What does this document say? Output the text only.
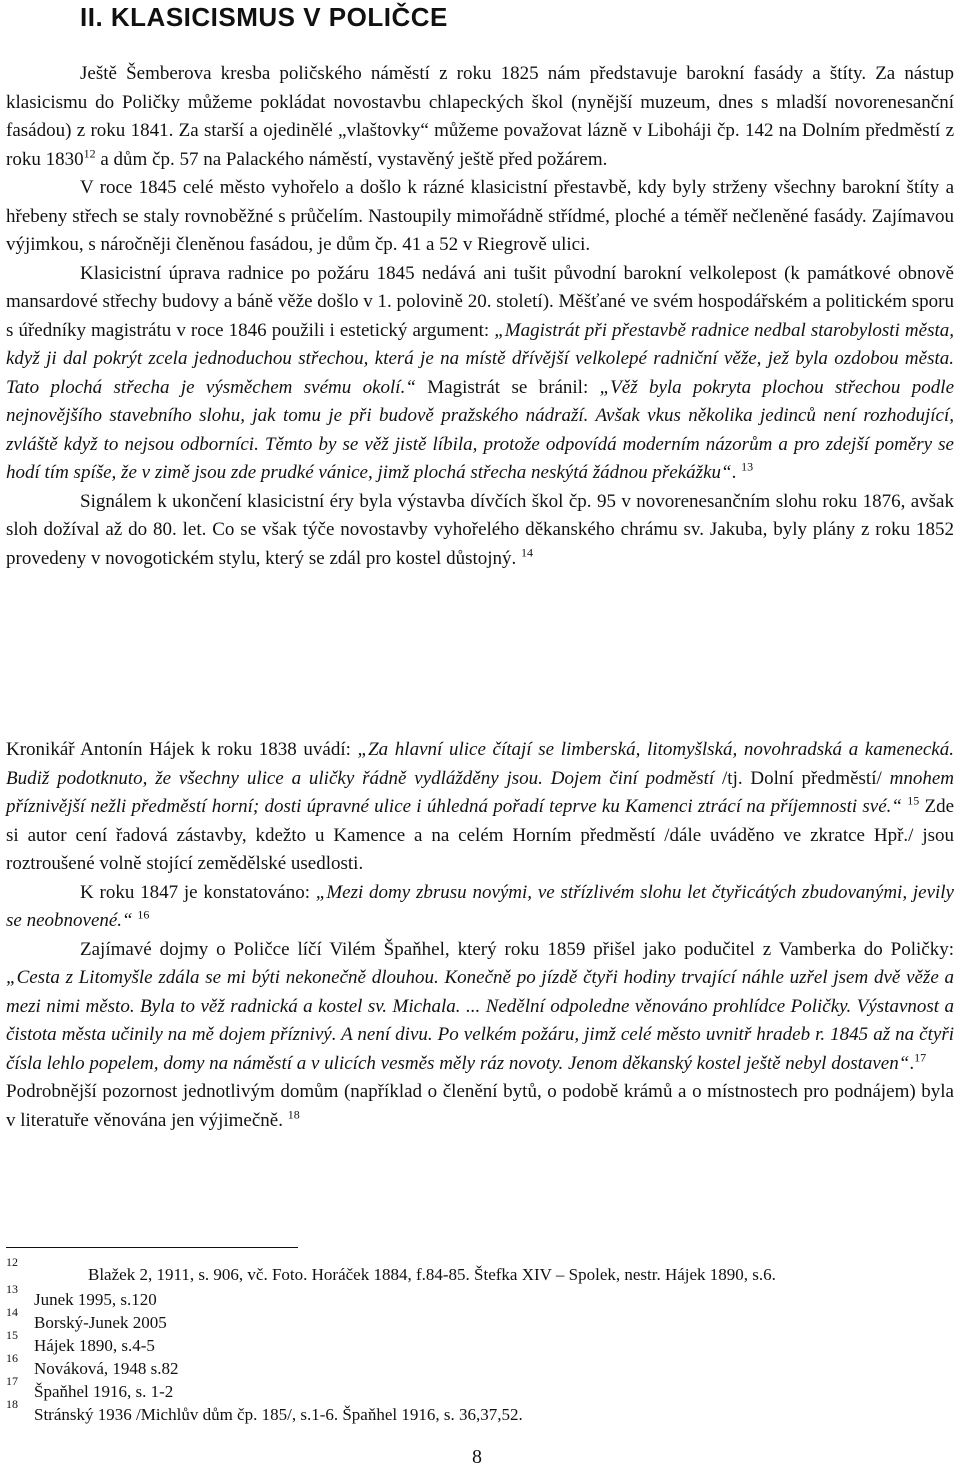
II. KLASICISMUS V POLIČCE

Ještě Šemberova kresba poličského náměstí z roku 1825 nám představuje barokní fasády a štíty. Za nástup klasicismu do Poličky můžeme pokládat novostavbu chlapeckých škol (nynější muzeum, dnes s mladší novorenesanční fasádou) z roku 1841. Za starší a ojedinělé „vlaštovky“ můžeme považovat lázně v Liboháji čp. 142 na Dolním předměstí z roku 1830$^{12}$ a dům čp. 57 na Palackého náměstí, vystavěný ještě před požárem.

V roce 1845 celé město vyhořelo a došlo k rázné klasicistní přestavbě, kdy byly strženy všechny barokní štíty a hřebeny střech se staly rovnoběžné s průčelím. Nastoupily mimořádně střídmé, ploché a téměř nečleněné fasády. Zajímavou výjimkou, s náročněji členěnou fasádou, je dům čp. 41 a 52 v Riegrově ulici.

Klasicistní úprava radnice po požáru 1845 nedává ani tušit původní barokní velkolepost (k památkové obnově mansardové střechy budovy a báně věže došlo v 1. polovině 20. století). Měšťané ve svém hospodářském a politickém sporu s úředníky magistrátu v roce 1846 použili i estetický argument: „Magistrát při přestavbě radnice nedbal starobylosti města, když ji dal pokrýt zcela jednoduchou střechou, která je na místě dřívější velkolepé radniční věže, jež byla ozdobou města. Tato plochá střecha je výsměchem svému okolí.“ Magistrát se bránil: „Věž byla pokryta plochou střechou podle nejnovějšího stavebního slohu, jak tomu je při budově pražského nádraží. Avšak vkus několika jedinců není rozhodující, zvláště když to nejsou odborníci. Těmto by se věž jistě líbila, protože odpovídá moderním názorům a pro zdejší poměry se hodí tím spíše, že v zimě jsou zde prudké vánice, jimž plochá střecha neskýtá žádnou překážku“. $^{13}$

Signálem k ukončení klasicistní éry byla výstavba dívčích škol čp. 95 v novorenesančním slohu roku 1876, avšak sloh dožíval až do 80. let. Co se však týče novostavby vyhořelého děkanského chrámu sv. Jakuba, byly plány z roku 1852 provedeny v novogotickém stylu, který se zdál pro kostel důstojný. $^{14}$

Kronikář Antonín Hájek k roku 1838 uvádí: „Za hlavní ulice čítají se limberská, litomyšlská, novohradská a kamenecká. Budiž podotknuto, že všechny ulice a uličky řádně vydlážděny jsou. Dojem činí podměstí /tj. Dolní předměstí/ mnohem příznivější nežli předměstí horní; dosti úpravné ulice i úhledná pořadí teprve ku Kamenci ztrácí na příjemnosti své.“ $^{15}$ Zde si autor cení řadová zástavby, kdežto u Kamence a na celém Horním předměstí /dále uváděno ve zkratce Hpř./ jsou roztroušené volně stojící zemědělské usedlosti.

K roku 1847 je konstatováno: „Mezi domy zbrusu novými, ve střízlivém slohu let čtyřicátých zbudovanými, jevily se neobnovené.“ $^{16}$

Zajímavé dojmy o Poličce líčí Vilém Špaňhel, který roku 1859 přišel jako podučitel z Vamberka do Poličky: „Cesta z Litomyšle zdála se mi býti nekonečně dlouhou. Konečně po jízdě čtyři hodiny trvající náhle uzřel jsem dvě věže a mezi nimi město. Byla to věž radnická a kostel sv. Michala. ... Nedělní odpoledne věnováno prohlídce Poličky. Výstavnost a čistota města učinily na mě dojem příznivý. A není divu. Po velkém požáru, jimž celé město uvnitř hradeb r. 1845 až na čtyři čísla lehlo popelem, domy na náměstí a v ulicích vesměs měly ráz novoty. Jenom děkanský kostel ještě nebyl dostaven“.$^{17}$

Podrobnější pozornost jednotlivým domům (například o členění bytů, o podobě krámů a o místnostech pro podnájem) byla v literatuře věnována jen výjimečně. $^{18}$

12
Blažek 2, 1911, s. 906, vč. Foto. Horáček 1884, f.84-85. Štefka XIV – Spolek, nestr. Hájek 1890, s.6.
13
Junek 1995, s.120
14
Borský-Junek 2005
15
Hájek 1890, s.4-5
16
Nováková, 1948 s.82
17
Špaňhel 1916, s. 1-2
18
Stránský 1936 /Michlův dům čp. 185/, s.1-6. Špaňhel 1916, s. 36,37,52.
8
